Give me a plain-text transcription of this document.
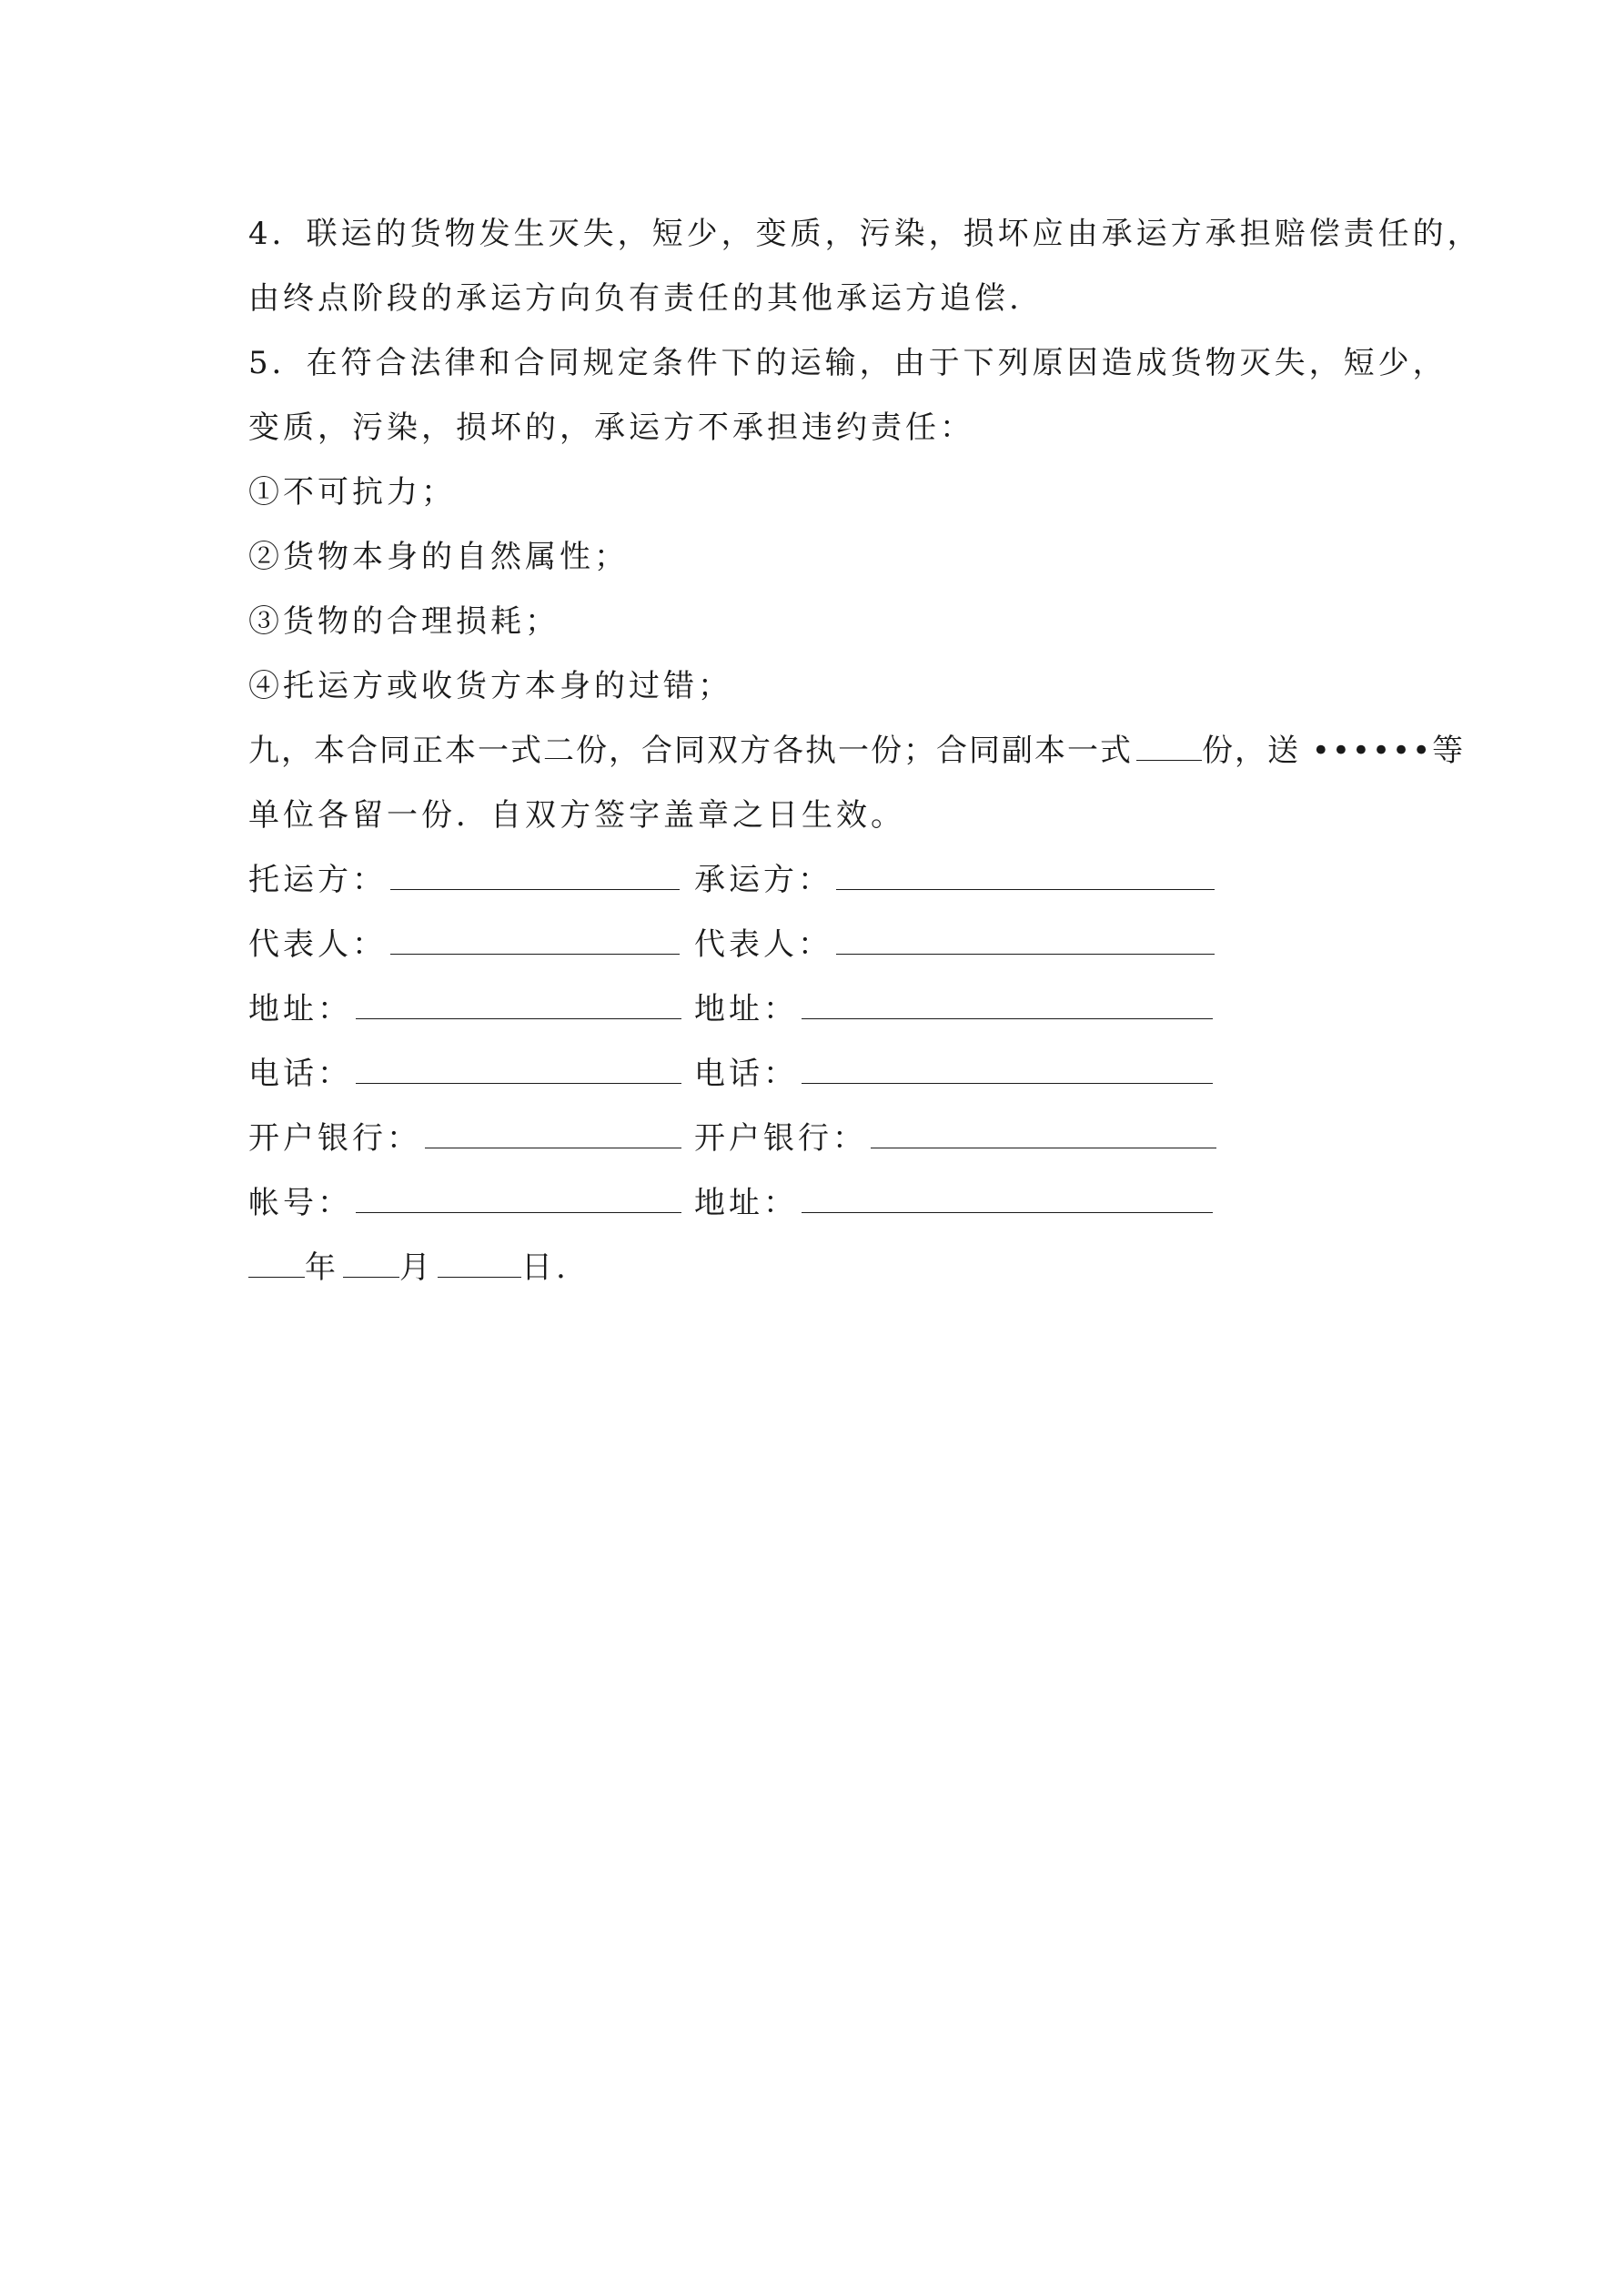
4．联运的货物发生灭失，短少，变质，污染，损坏应由承运方承担赔偿责任的，
由终点阶段的承运方向负有责任的其他承运方追偿.
5．在符合法律和合同规定条件下的运输，由于下列原因造成货物灭失，短少，
变质，污染，损坏的，承运方不承担违约责任：
①不可抗力；
②货物本身的自然属性；
③货物的合理损耗；
④托运方或收货方本身的过错；
九，本合同正本一式二份，合同双方各执一份；合同副本一式 份，送 ••••••等
单位各留一份．自双方签字盖章之日生效。
托运方：	承运方：
代表人：	代表人：
地址：	地址：
电话：	电话：
开户银行：	开户银行：
帐号：	地址：
年 月	日.
